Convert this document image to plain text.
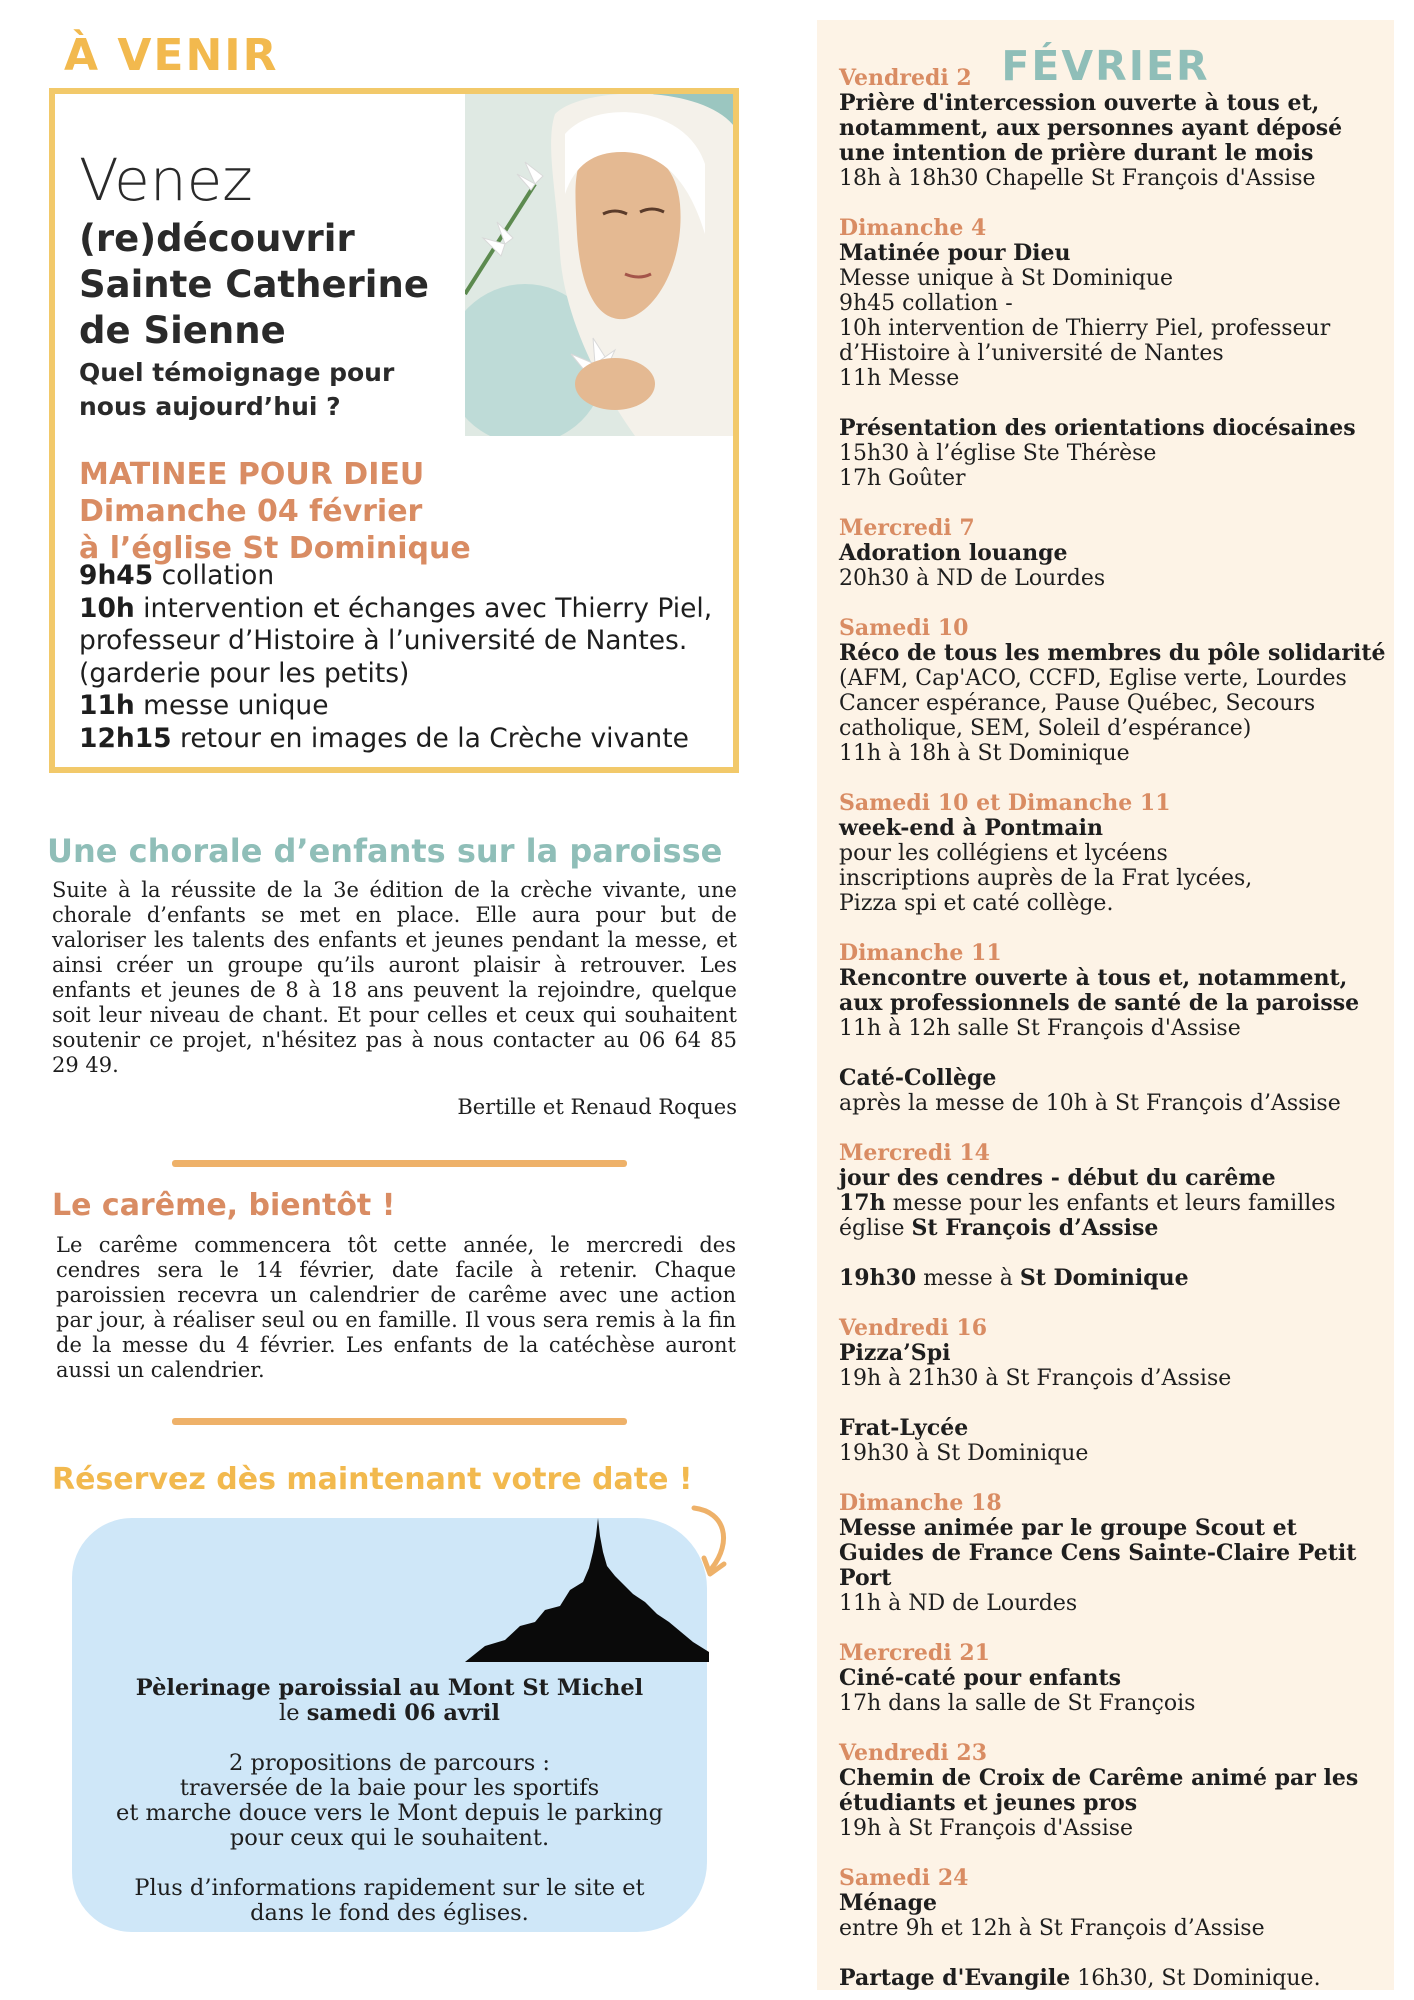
À VENIR
Venez
(re)découvrir Sainte Catherine de Sienne
Quel témoignage pour nous aujourd’hui ?
MATINEE POUR DIEU
Dimanche 04 février
à l’église St Dominique
9h45 collation
10h intervention et échanges avec Thierry Piel, professeur d’Histoire à l’université de Nantes. (garderie pour les petits)
11h messe unique
12h15 retour en images de la Crèche vivante
Une chorale d’enfants sur la paroisse
Suite à la réussite de la 3e édition de la crèche vivante, une chorale d’enfants se met en place. Elle aura pour but de valoriser les talents des enfants et jeunes pendant la messe, et ainsi créer un groupe qu’ils auront plaisir à retrouver. Les enfants et jeunes de 8 à 18 ans peuvent la rejoindre, quelque soit leur niveau de chant. Et pour celles et ceux qui souhaitent soutenir ce projet, n'hésitez pas à nous contacter au 06 64 85 29 49.
Bertille et Renaud Roques
Le carême, bientôt !
Le carême commencera tôt cette année, le mercredi des cendres sera le 14 février, date facile à retenir. Chaque paroissien recevra un calendrier de carême avec une action par jour, à réaliser seul ou en famille. Il vous sera remis à la fin de la messe du 4 février. Les enfants de la catéchèse auront aussi un calendrier.
Réservez dès maintenant votre date !
Pèlerinage paroissial au Mont St Michel
le samedi 06 avril
2 propositions de parcours :
traversée de la baie pour les sportifs
et marche douce vers le Mont depuis le parking
pour ceux qui le souhaitent.
Plus d’informations rapidement sur le site et
dans le fond des églises.
FÉVRIER
Vendredi 2
Prière d'intercession ouverte à tous et, notamment, aux personnes ayant déposé une intention de prière durant le mois
18h à 18h30 Chapelle St François d'Assise
Dimanche 4
Matinée pour Dieu
Messe unique à St Dominique
9h45 collation -
10h intervention de Thierry Piel, professeur d’Histoire à l’université de Nantes
11h Messe
Présentation des orientations diocésaines
15h30 à l’église Ste Thérèse
17h Goûter
Mercredi 7
Adoration louange
20h30 à ND de Lourdes
Samedi 10
Réco de tous les membres du pôle solidarité (AFM, Cap'ACO, CCFD, Eglise verte, Lourdes Cancer espérance, Pause Québec, Secours catholique, SEM, Soleil d’espérance)
11h à 18h à St Dominique
Samedi 10 et Dimanche 11
week-end à Pontmain
pour les collégiens et lycéens
inscriptions auprès de la Frat lycées,
Pizza spi et caté collège.
Dimanche 11
Rencontre ouverte à tous et, notamment, aux professionnels de santé de la paroisse
11h à 12h salle St François d'Assise
Caté-Collège
après la messe de 10h à St François d’Assise
Mercredi 14
jour des cendres - début du carême
17h messe pour les enfants et leurs familles
église St François d’Assise
19h30 messe à St Dominique
Vendredi 16
Pizza’Spi
19h à 21h30 à St François d’Assise
Frat-Lycée
19h30 à St Dominique
Dimanche 18
Messe animée par le groupe Scout et Guides de France Cens Sainte-Claire Petit Port
11h à ND de Lourdes
Mercredi 21
Ciné-caté pour enfants
17h dans la salle de St François
Vendredi 23
Chemin de Croix de Carême animé par les étudiants et jeunes pros
19h à St François d'Assise
Samedi 24
Ménage
entre 9h et 12h à St François d’Assise
Partage d'Evangile 16h30, St Dominique.
